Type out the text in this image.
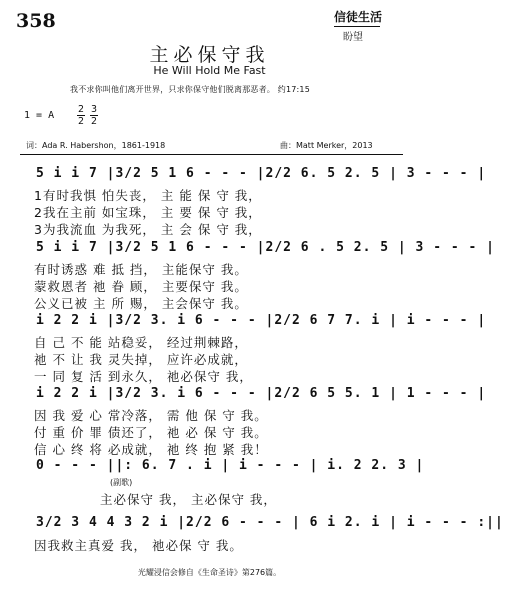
358	信徒生活
盼望
主必保守我
He Will Hold Me Fast
我不求你叫他们离开世界，只求你保守他们脱离那恶者。 约17:15
1 = A
2
2
3
2
词：Ada R. Habershon，1861-1918	曲：Matt Merker，2013
5 i i 7 |3/2 5 1 6 - - - |2/2 6. 5 2. 5 | 3 - - - |
1有时我惧 怕失丧， 主 能 保 守 我，
2我在主前 如宝珠， 主 要 保 守 我，
3为我流血 为我死， 主 会 保 守 我，
5 i i 7 |3/2 5 1 6 - - - |2/2 6 . 5 2. 5 | 3 - - - |
有时诱惑 难 抵 挡， 主能保守 我。
蒙救恩者 祂 眷 顾， 主要保守 我。
公义已被 主 所 赐， 主会保守 我。
i 2 2 i |3/2 3. i 6 - - - |2/2 6 7 7. i | i - - - |
自 己 不 能 站稳妥， 经过荆棘路，
祂 不 让 我 灵失掉， 应许必成就，
一 同 复 活 到永久， 祂必保守 我，
i 2 2 i |3/2 3. i 6 - - - |2/2 6 5 5. 1 | 1 - - - |
因 我 爱 心 常冷落， 需 他 保 守 我。
付 重 价 罪 债还了， 祂 必 保 守 我。
信 心 终 将 必成就， 祂 终 抱 紧 我！
0 - - - ||: 6. 7 . i | i - - - | i. 2 2. 3 |
(副歌)
主必保守 我， 主必保守 我，
3/2 3 4 4 3 2 i |2/2 6 - - - | 6 i 2. i | i - - - :||
因我救主真爱 我， 祂必保 守 我。
光耀浸信会修自《生命圣诗》第276篇。
